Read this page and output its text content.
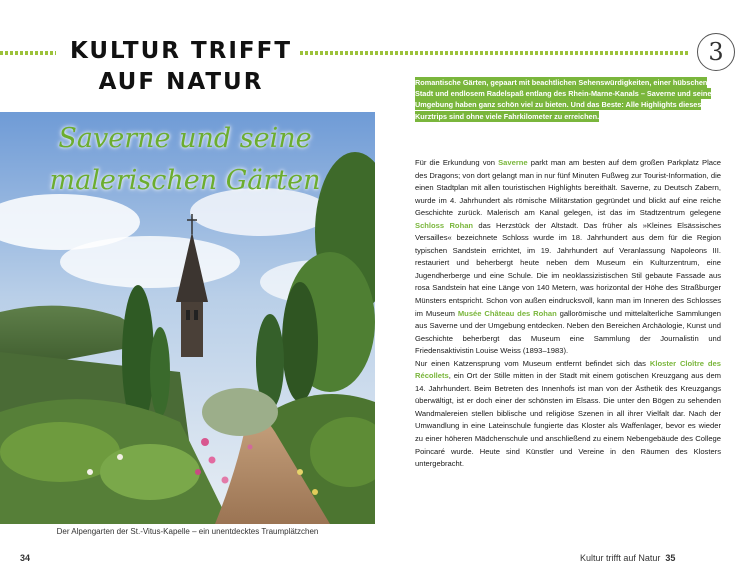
3
KULTUR TRIFFT
AUF NATUR
Saverne und seine
malerischen Gärten
Der Alpengarten der St.-Vitus-Kapelle – ein unentdecktes Traumplätzchen
34
Romantische Gärten, gepaart mit beachtlichen Sehenswürdigkeiten, einer hübschen Stadt und endlosem Radelspaß entlang des Rhein-Marne-Kanals – Saverne und seine Umgebung haben ganz schön viel zu bieten. Und das Beste: Alle Highlights dieses Kurztrips sind ohne viele Fahrkilometer zu erreichen.
Für die Erkundung von Saverne parkt man am besten auf dem großen Parkplatz Place des Dragons; von dort gelangt man in nur fünf Minuten Fußweg zur Tourist-Information, die einen Stadtplan mit allen touristischen Highlights bereithält. Saverne, zu Deutsch Zabern, wurde im 4. Jahrhundert als römische Militärstation gegründet und blickt auf eine reiche Geschichte zurück. Malerisch am Kanal gelegen, ist das im Stadtzentrum gelegene Schloss Rohan das Herzstück der Altstadt. Das früher als »Kleines Elsässisches Versailles« bezeichnete Schloss wurde im 18. Jahrhundert aus dem für die Region typischen Sandstein errichtet, im 19. Jahrhundert auf Veranlassung Napoleons III. restauriert und beherbergt heute neben dem Museum ein Kulturzentrum, eine Jugendherberge und eine Schule. Die im neoklassizistischen Stil gebaute Fassade aus rosa Sandstein hat eine Länge von 140 Metern, was horizontal der Höhe des Straßburger Münsters entspricht. Schon von außen eindrucksvoll, kann man im Inneren des Schlosses im Museum Musée Château des Rohan gallorömische und mittelalterliche Sammlungen aus Saverne und der Umgebung entdecken. Neben den Bereichen Archäologie, Kunst und Geschichte beherbergt das Museum eine Sammlung der Journalistin und Friedensaktivistin Louise Weiss (1893–1983).
Nur einen Katzensprung vom Museum entfernt befindet sich das Kloster Cloître des Récollets, ein Ort der Stille mitten in der Stadt mit einem gotischen Kreuzgang aus dem 14. Jahrhundert. Beim Betreten des Innenhofs ist man von der Ästhetik des Kreuzgangs überwältigt, ist er doch einer der schönsten im Elsass. Die unter den Bögen zu sehenden Wandmalereien stellen biblische und religiöse Szenen in all ihrer Vielfalt dar. Nach der Umwandlung in eine Lateinschule fungierte das Kloster als Waffenlager, bevor es wieder zu einer höheren Mädchenschule und anschließend zu einem Nebengebäude des College Poincaré wurde. Heute sind Künstler und Vereine in den Räumen des Klosters untergebracht.
Kultur trifft auf Natur 35
